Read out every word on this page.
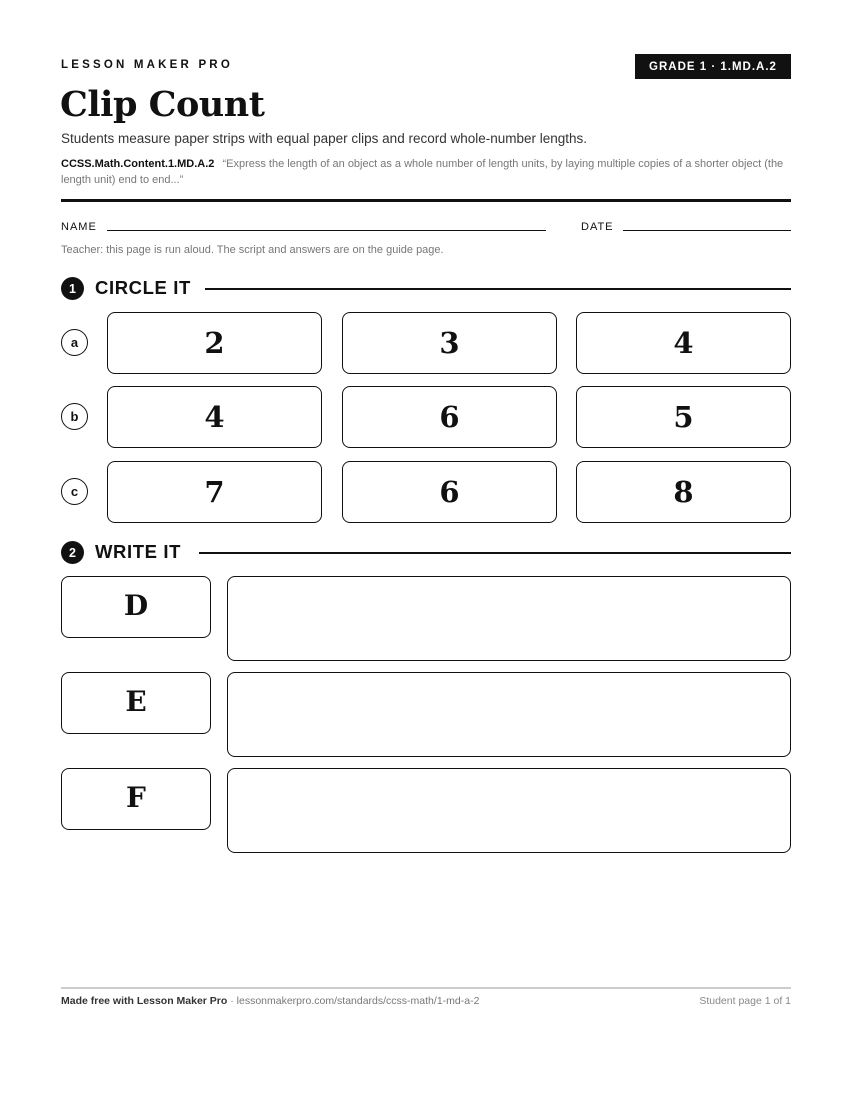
LESSON MAKER PRO	GRADE 1 · 1.MD.A.2
Clip Count
Students measure paper strips with equal paper clips and record whole-number lengths.
CCSS.Math.Content.1.MD.A.2 “Express the length of an object as a whole number of length units, by laying multiple copies of a shorter object (the length unit) end to end...”
NAME	DATE
Teacher: this page is run aloud. The script and answers are on the guide page.
1	CIRCLE IT
a	2	3	4
b	4	6	5
c	7	6	8
2	WRITE IT
D
E
F
Made free with Lesson Maker Pro · lessonmakerpro.com/standards/ccss-math/1-md-a-2	Student page 1 of 1
